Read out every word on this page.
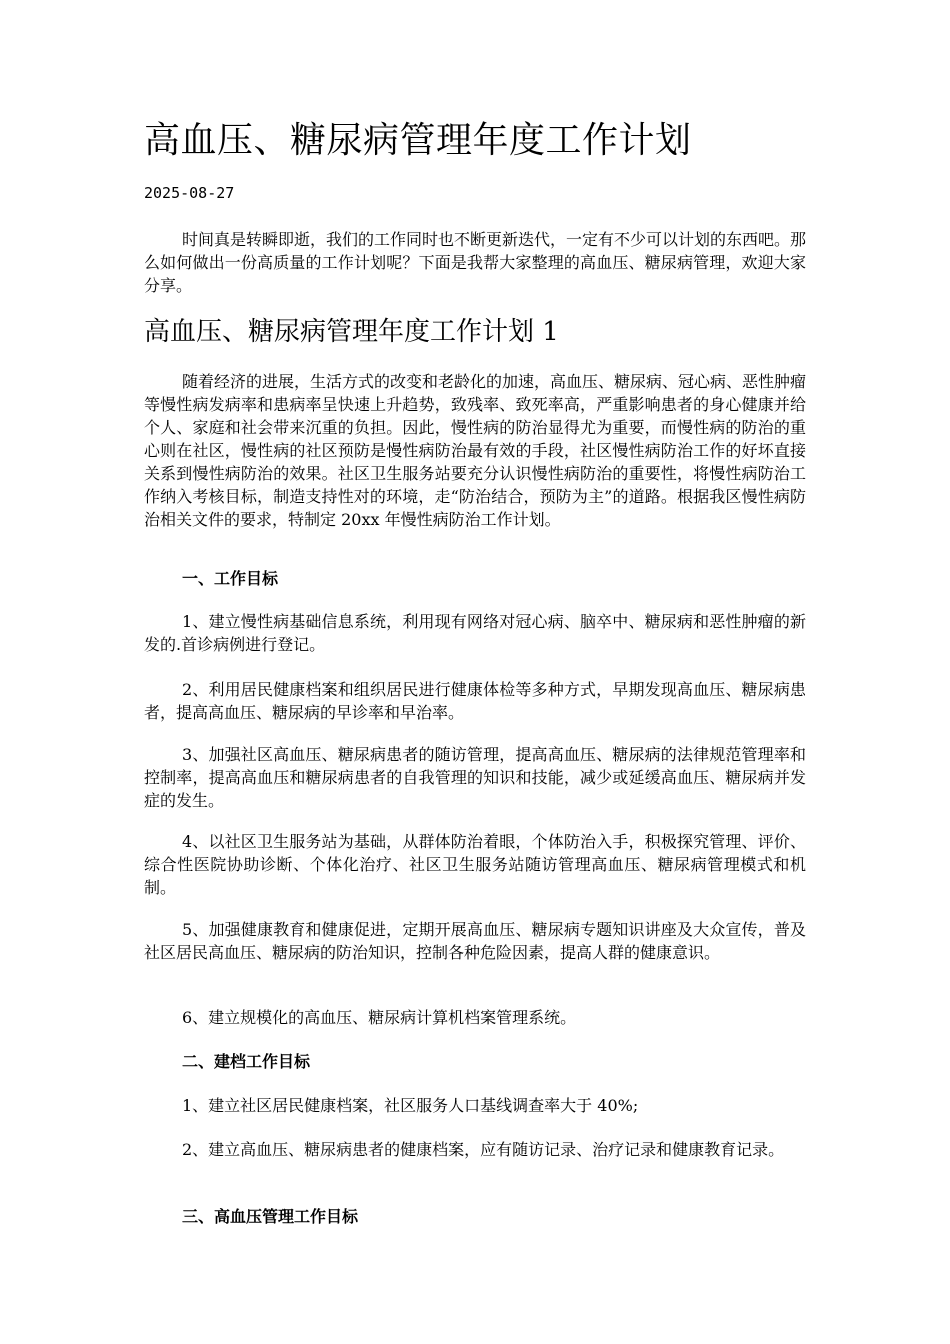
高血压、糖尿病管理年度工作计划
2025-08-27

时间真是转瞬即逝，我们的工作同时也不断更新迭代，一定有不少可以计划的东西吧。那么如何做出一份高质量的工作计划呢？下面是我帮大家整理的高血压、糖尿病管理，欢迎大家分享。

高血压、糖尿病管理年度工作计划 1

随着经济的进展，生活方式的改变和老龄化的加速，高血压、糖尿病、冠心病、恶性肿瘤等慢性病发病率和患病率呈快速上升趋势，致残率、致死率高，严重影响患者的身心健康并给个人、家庭和社会带来沉重的负担。因此，慢性病的防治显得尤为重要，而慢性病的防治的重心则在社区，慢性病的社区预防是慢性病防治最有效的手段，社区慢性病防治工作的好坏直接关系到慢性病防治的效果。社区卫生服务站要充分认识慢性病防治的重要性，将慢性病防治工作纳入考核目标，制造支持性对的环境，走“防治结合，预防为主”的道路。根据我区慢性病防治相关文件的要求，特制定 20xx 年慢性病防治工作计划。

一、工作目标

1、建立慢性病基础信息系统，利用现有网络对冠心病、脑卒中、糖尿病和恶性肿瘤的新发的.首诊病例进行登记。

2、利用居民健康档案和组织居民进行健康体检等多种方式，早期发现高血压、糖尿病患者，提高高血压、糖尿病的早诊率和早治率。

3、加强社区高血压、糖尿病患者的随访管理，提高高血压、糖尿病的法律规范管理率和控制率，提高高血压和糖尿病患者的自我管理的知识和技能，减少或延缓高血压、糖尿病并发症的发生。

4、以社区卫生服务站为基础，从群体防治着眼，个体防治入手，积极探究管理、评价、综合性医院协助诊断、个体化治疗、社区卫生服务站随访管理高血压、糖尿病管理模式和机制。

5、加强健康教育和健康促进，定期开展高血压、糖尿病专题知识讲座及大众宣传，普及社区居民高血压、糖尿病的防治知识，控制各种危险因素，提高人群的健康意识。

6、建立规模化的高血压、糖尿病计算机档案管理系统。

二、建档工作目标

1、建立社区居民健康档案，社区服务人口基线调查率大于 40%;

2、建立高血压、糖尿病患者的健康档案，应有随访记录、治疗记录和健康教育记录。

三、高血压管理工作目标
